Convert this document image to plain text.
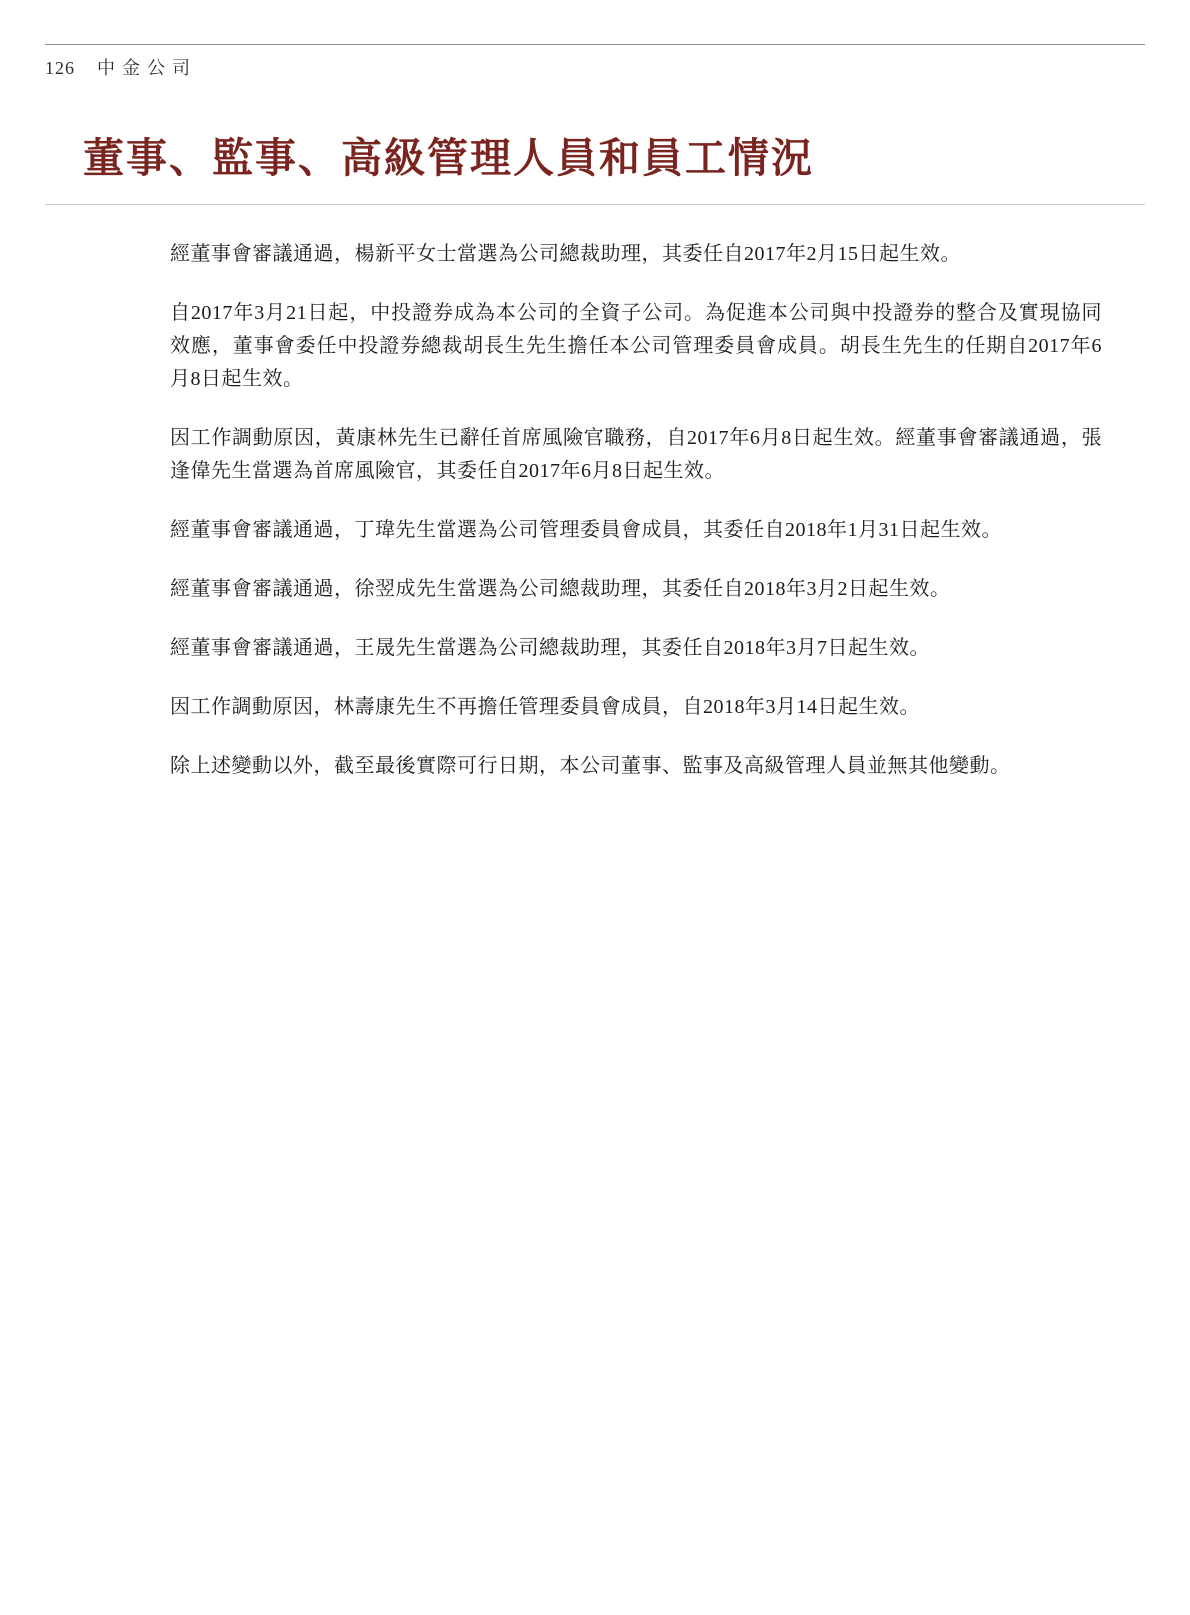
126 中金公司
董事、監事、高級管理人員和員工情況

經董事會審議通過，楊新平女士當選為公司總裁助理，其委任自2017年2月15日起生效。

自2017年3月21日起，中投證券成為本公司的全資子公司。為促進本公司與中投證券的整合及實現協同效應，董事會委任中投證券總裁胡長生先生擔任本公司管理委員會成員。胡長生先生的任期自2017年6月8日起生效。

因工作調動原因，黃康林先生已辭任首席風險官職務，自2017年6月8日起生效。經董事會審議通過，張逢偉先生當選為首席風險官，其委任自2017年6月8日起生效。

經董事會審議通過，丁瑋先生當選為公司管理委員會成員，其委任自2018年1月31日起生效。

經董事會審議通過，徐翌成先生當選為公司總裁助理，其委任自2018年3月2日起生效。

經董事會審議通過，王晟先生當選為公司總裁助理，其委任自2018年3月7日起生效。

因工作調動原因，林壽康先生不再擔任管理委員會成員，自2018年3月14日起生效。

除上述變動以外，截至最後實際可行日期，本公司董事、監事及高級管理人員並無其他變動。
